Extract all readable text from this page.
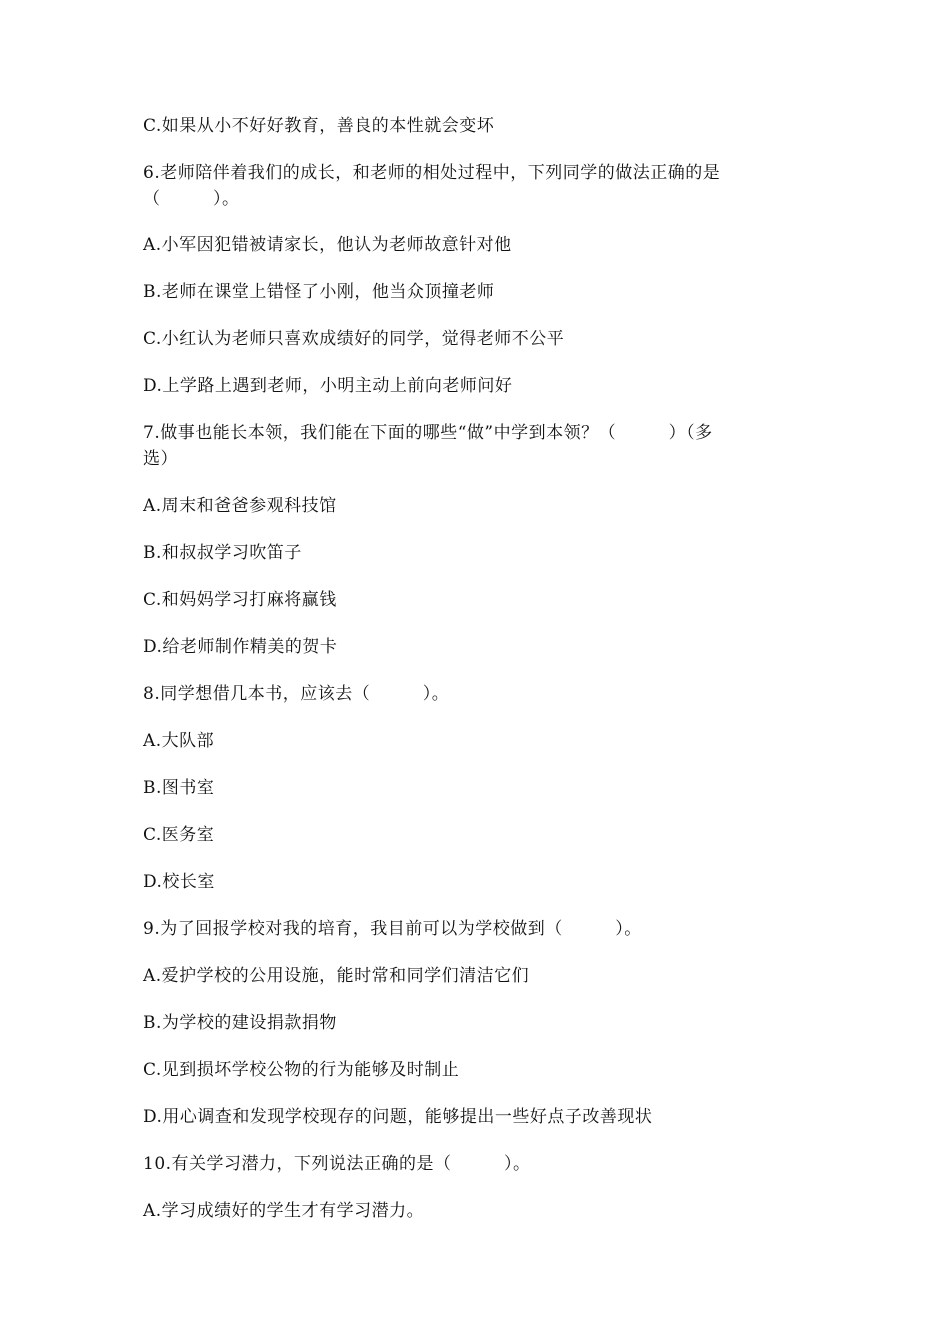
C.如果从小不好好教育，善良的本性就会变坏
6.老师陪伴着我们的成长，和老师的相处过程中，下列同学的做法正确的是
（　　　）。
A.小军因犯错被请家长，他认为老师故意针对他
B.老师在课堂上错怪了小刚，他当众顶撞老师
C.小红认为老师只喜欢成绩好的同学，觉得老师不公平
D.上学路上遇到老师，小明主动上前向老师问好
7.做事也能长本领，我们能在下面的哪些“做”中学到本领？（　　　）（多
选）
A.周末和爸爸参观科技馆
B.和叔叔学习吹笛子
C.和妈妈学习打麻将赢钱
D.给老师制作精美的贺卡
8.同学想借几本书，应该去（　　　）。
A.大队部
B.图书室
C.医务室
D.校长室
9.为了回报学校对我的培育，我目前可以为学校做到（　　　）。
A.爱护学校的公用设施，能时常和同学们清洁它们
B.为学校的建设捐款捐物
C.见到损坏学校公物的行为能够及时制止
D.用心调查和发现学校现存的问题，能够提出一些好点子改善现状
10.有关学习潜力，下列说法正确的是（　　　）。
A.学习成绩好的学生才有学习潜力。
